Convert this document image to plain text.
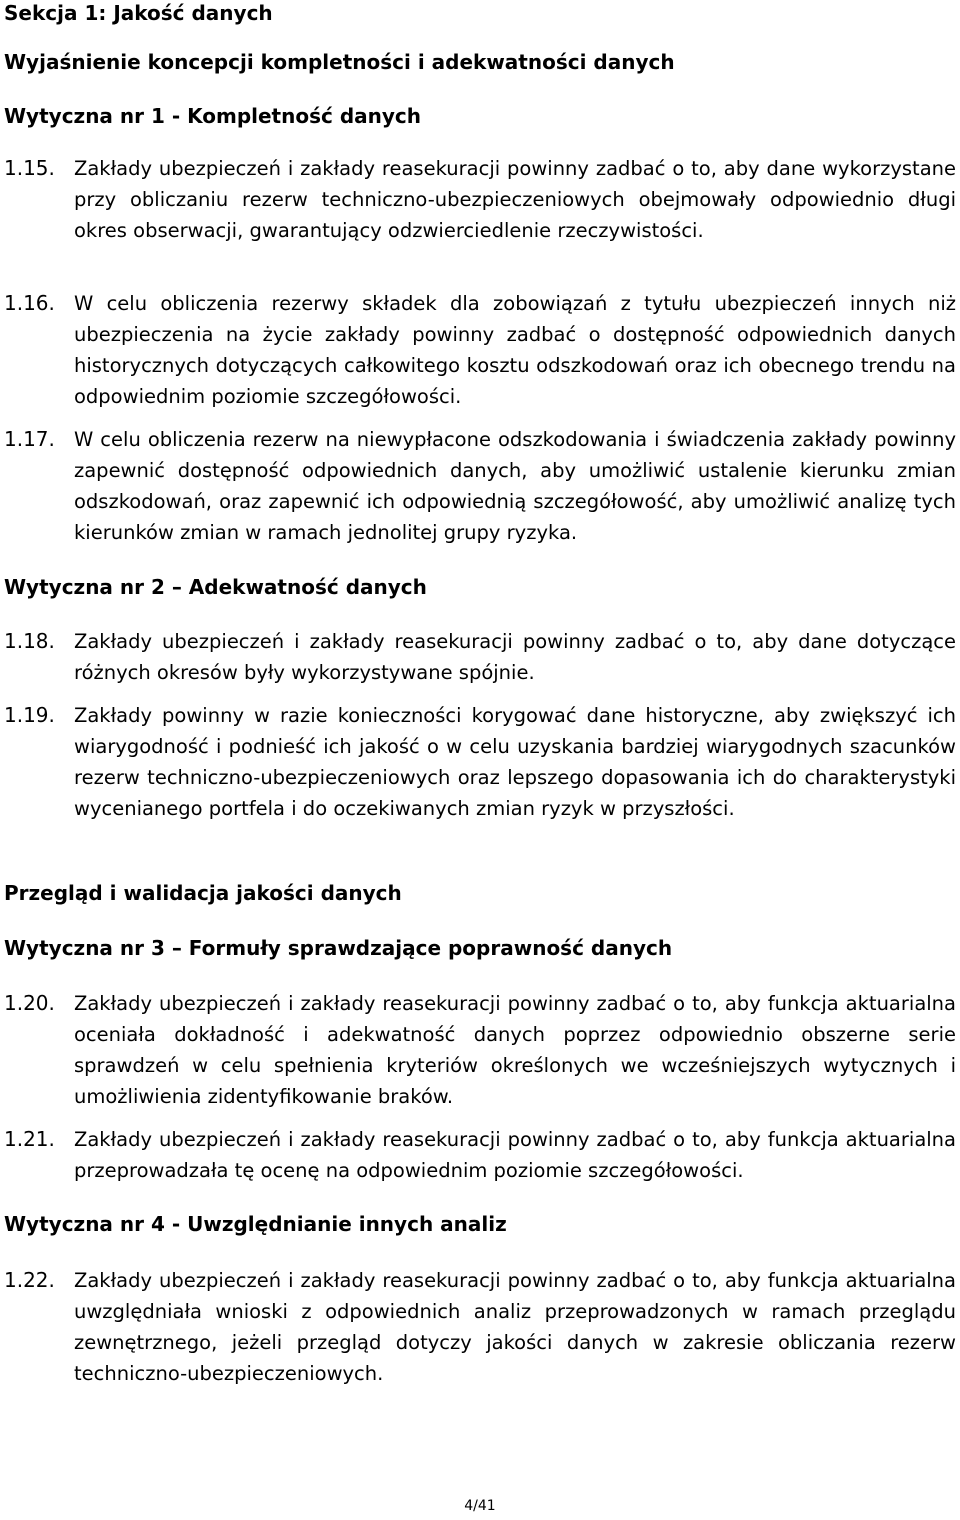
Sekcja 1: Jakość danych
Wyjaśnienie koncepcji kompletności i adekwatności danych
Wytyczna nr 1 - Kompletność danych
1.15. Zakłady ubezpieczeń i zakłady reasekuracji powinny zadbać o to, aby dane wykorzystane przy obliczaniu rezerw techniczno-ubezpieczeniowych obejmowały odpowiednio długi okres obserwacji, gwarantujący odzwierciedlenie rzeczywistości.
1.16. W celu obliczenia rezerwy składek dla zobowiązań z tytułu ubezpieczeń innych niż ubezpieczenia na życie zakłady powinny zadbać o dostępność odpowiednich danych historycznych dotyczących całkowitego kosztu odszkodowań oraz ich obecnego trendu na odpowiednim poziomie szczegółowości.
1.17. W celu obliczenia rezerw na niewypłacone odszkodowania i świadczenia zakłady powinny zapewnić dostępność odpowiednich danych, aby umożliwić ustalenie kierunku zmian odszkodowań, oraz zapewnić ich odpowiednią szczegółowość, aby umożliwić analizę tych kierunków zmian w ramach jednolitej grupy ryzyka.
Wytyczna nr 2 – Adekwatność danych
1.18. Zakłady ubezpieczeń i zakłady reasekuracji powinny zadbać o to, aby dane dotyczące różnych okresów były wykorzystywane spójnie.
1.19. Zakłady powinny w razie konieczności korygować dane historyczne, aby zwiększyć ich wiarygodność i podnieść ich jakość o w celu uzyskania bardziej wiarygodnych szacunków rezerw techniczno-ubezpieczeniowych oraz lepszego dopasowania ich do charakterystyki wycenianego portfela i do oczekiwanych zmian ryzyk w przyszłości.
Przegląd i walidacja jakości danych
Wytyczna nr 3 – Formuły sprawdzające poprawność danych
1.20. Zakłady ubezpieczeń i zakłady reasekuracji powinny zadbać o to, aby funkcja aktuarialna oceniała dokładność i adekwatność danych poprzez odpowiednio obszerne serie sprawdzeń w celu spełnienia kryteriów określonych we wcześniejszych wytycznych i umożliwienia zidentyfikowanie braków.
1.21. Zakłady ubezpieczeń i zakłady reasekuracji powinny zadbać o to, aby funkcja aktuarialna przeprowadzała tę ocenę na odpowiednim poziomie szczegółowości.
Wytyczna nr 4 - Uwzględnianie innych analiz
1.22. Zakłady ubezpieczeń i zakłady reasekuracji powinny zadbać o to, aby funkcja aktuarialna uwzględniała wnioski z odpowiednich analiz przeprowadzonych w ramach przeglądu zewnętrznego, jeżeli przegląd dotyczy jakości danych w zakresie obliczania rezerw techniczno-ubezpieczeniowych.
4/41
